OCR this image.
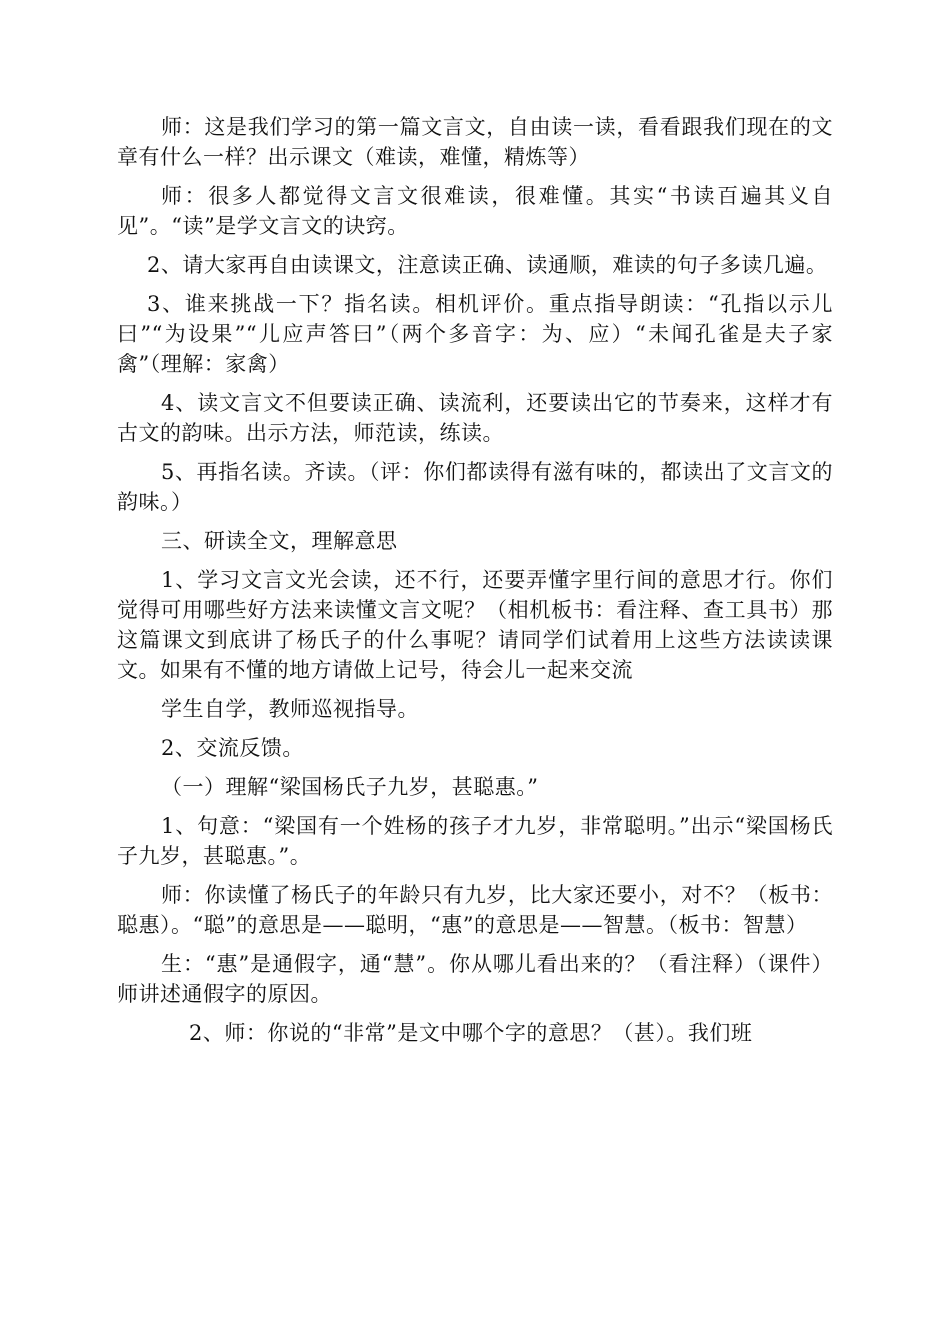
师：这是我们学习的第一篇文言文，自由读一读，看看跟我们现在的文章有什么一样？出示课文（难读，难懂，精炼等）

师：很多人都觉得文言文很难读，很难懂。其实“书读百遍其义自见”。“读”是学文言文的诀窍。

2、请大家再自由读课文，注意读正确、读通顺，难读的句子多读几遍。

3、谁来挑战一下？指名读。相机评价。重点指导朗读：“孔指以示儿曰”“为设果”“儿应声答曰”（两个多音字：为、应）“未闻孔雀是夫子家禽”（理解：家禽）

4、读文言文不但要读正确、读流利，还要读出它的节奏来，这样才有古文的韵味。出示方法，师范读，练读。

5、再指名读。齐读。（评：你们都读得有滋有味的，都读出了文言文的韵味。）

三、研读全文，理解意思

1、学习文言文光会读，还不行，还要弄懂字里行间的意思才行。你们觉得可用哪些好方法来读懂文言文呢？（相机板书：看注释、查工具书）那这篇课文到底讲了杨氏子的什么事呢？请同学们试着用上这些方法读读课文。如果有不懂的地方请做上记号，待会儿一起来交流

学生自学，教师巡视指导。

2、交流反馈。

（一）理解“梁国杨氏子九岁，甚聪惠。”

1、句意：“梁国有一个姓杨的孩子才九岁，非常聪明。”出示“梁国杨氏子九岁，甚聪惠。”。

师：你读懂了杨氏子的年龄只有九岁，比大家还要小，对不？（板书：聪惠）。“聪”的意思是——聪明，“惠”的意思是——智慧。（板书：智慧）

生：“惠”是通假字，通“慧”。你从哪儿看出来的？（看注释）（课件）师讲述通假字的原因。

2、师：你说的“非常”是文中哪个字的意思？（甚）。我们班
